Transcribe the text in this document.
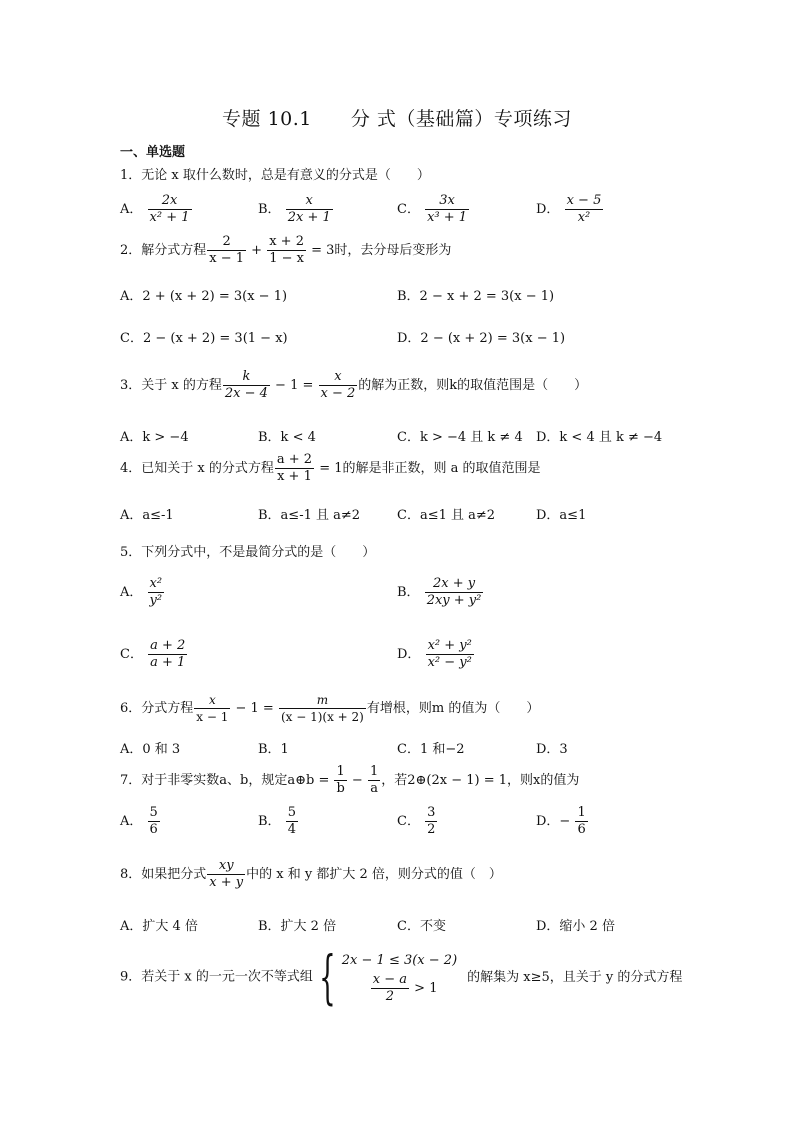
专题 10.1　　分 式（基础篇）专项练习
一、单选题
1．无论 x 取什么数时，总是有意义的分式是（　　）
A． $\frac{2x}{\text{x² + 1}}$	B． $\frac{x}{2x + 1}$	C． $\frac{3x}{\text{x³ + 1}}$	D． $\frac{x - 5}{\text{x²}}$
2．解分式方程 $\frac{2}{x - 1} + \frac{x + 2}{1 - x} = 3$时，去分母后变形为
A．2 + (x + 2) = 3(x − 1)	B．2 − x + 2 = 3(x − 1)
C．2 − (x + 2) = 3(1 − x)	D．2 − (x + 2) = 3(x − 1)
3．关于 x 的方程 $\frac{k}{2x - 4} - 1 = \frac{x}{x - 2}$ 的解为正数，则k的取值范围是（　　）
A．k > −4	B．k < 4	C．k > −4 且 k ≠ 4 D．k < 4 且 k ≠ −4
4．已知关于 x 的分式方程 $\frac{a + 2}{x + 1} = 1$的解是非正数，则 a 的取值范围是
A．a≤-1	B．a≤-1 且 a≠2	C．a≤1 且 a≠2	D．a≤1
5．下列分式中，不是最简分式的是（　　）
A． $\frac{\text{x²}}{\text{y²}}$	B． $\frac{2x + y}{\text{2xy + y²}}$
C． $\frac{a + 2}{a + 1}$	D． $\frac{\text{x² + y²}}{\text{x² − y²}}$
6．分式方程 $\frac{x}{x - 1} - 1 = \frac{m}{(x - 1)(x + 2)}$ 有增根，则m 的值为（　　）
A．0 和 3	B．1	C．1 和−2	D．3
7．对于非零实数a、b，规定a⊕b = $\frac{1}{b} - \frac{1}{a}$ ，若2⊕(2x − 1) = 1，则x的值为
A． $\frac{5}{6}$	B． $\frac{5}{4}$	C． $\frac{3}{2}$	D．− $\frac{1}{6}$
8．如果把分式 $\frac{xy}{x + y}$ 中的 x 和 y 都扩大 2 倍，则分式的值（　）
A．扩大 4 倍	B．扩大 2 倍	C．不变	D．缩小 2 倍
9．若关于 x 的一元一次不等式组 { 2x − 1 ≤ 3(x − 2)
$\frac{x - a}{2} > 1$
的解集为 x≥5，且关于 y 的分式方程
